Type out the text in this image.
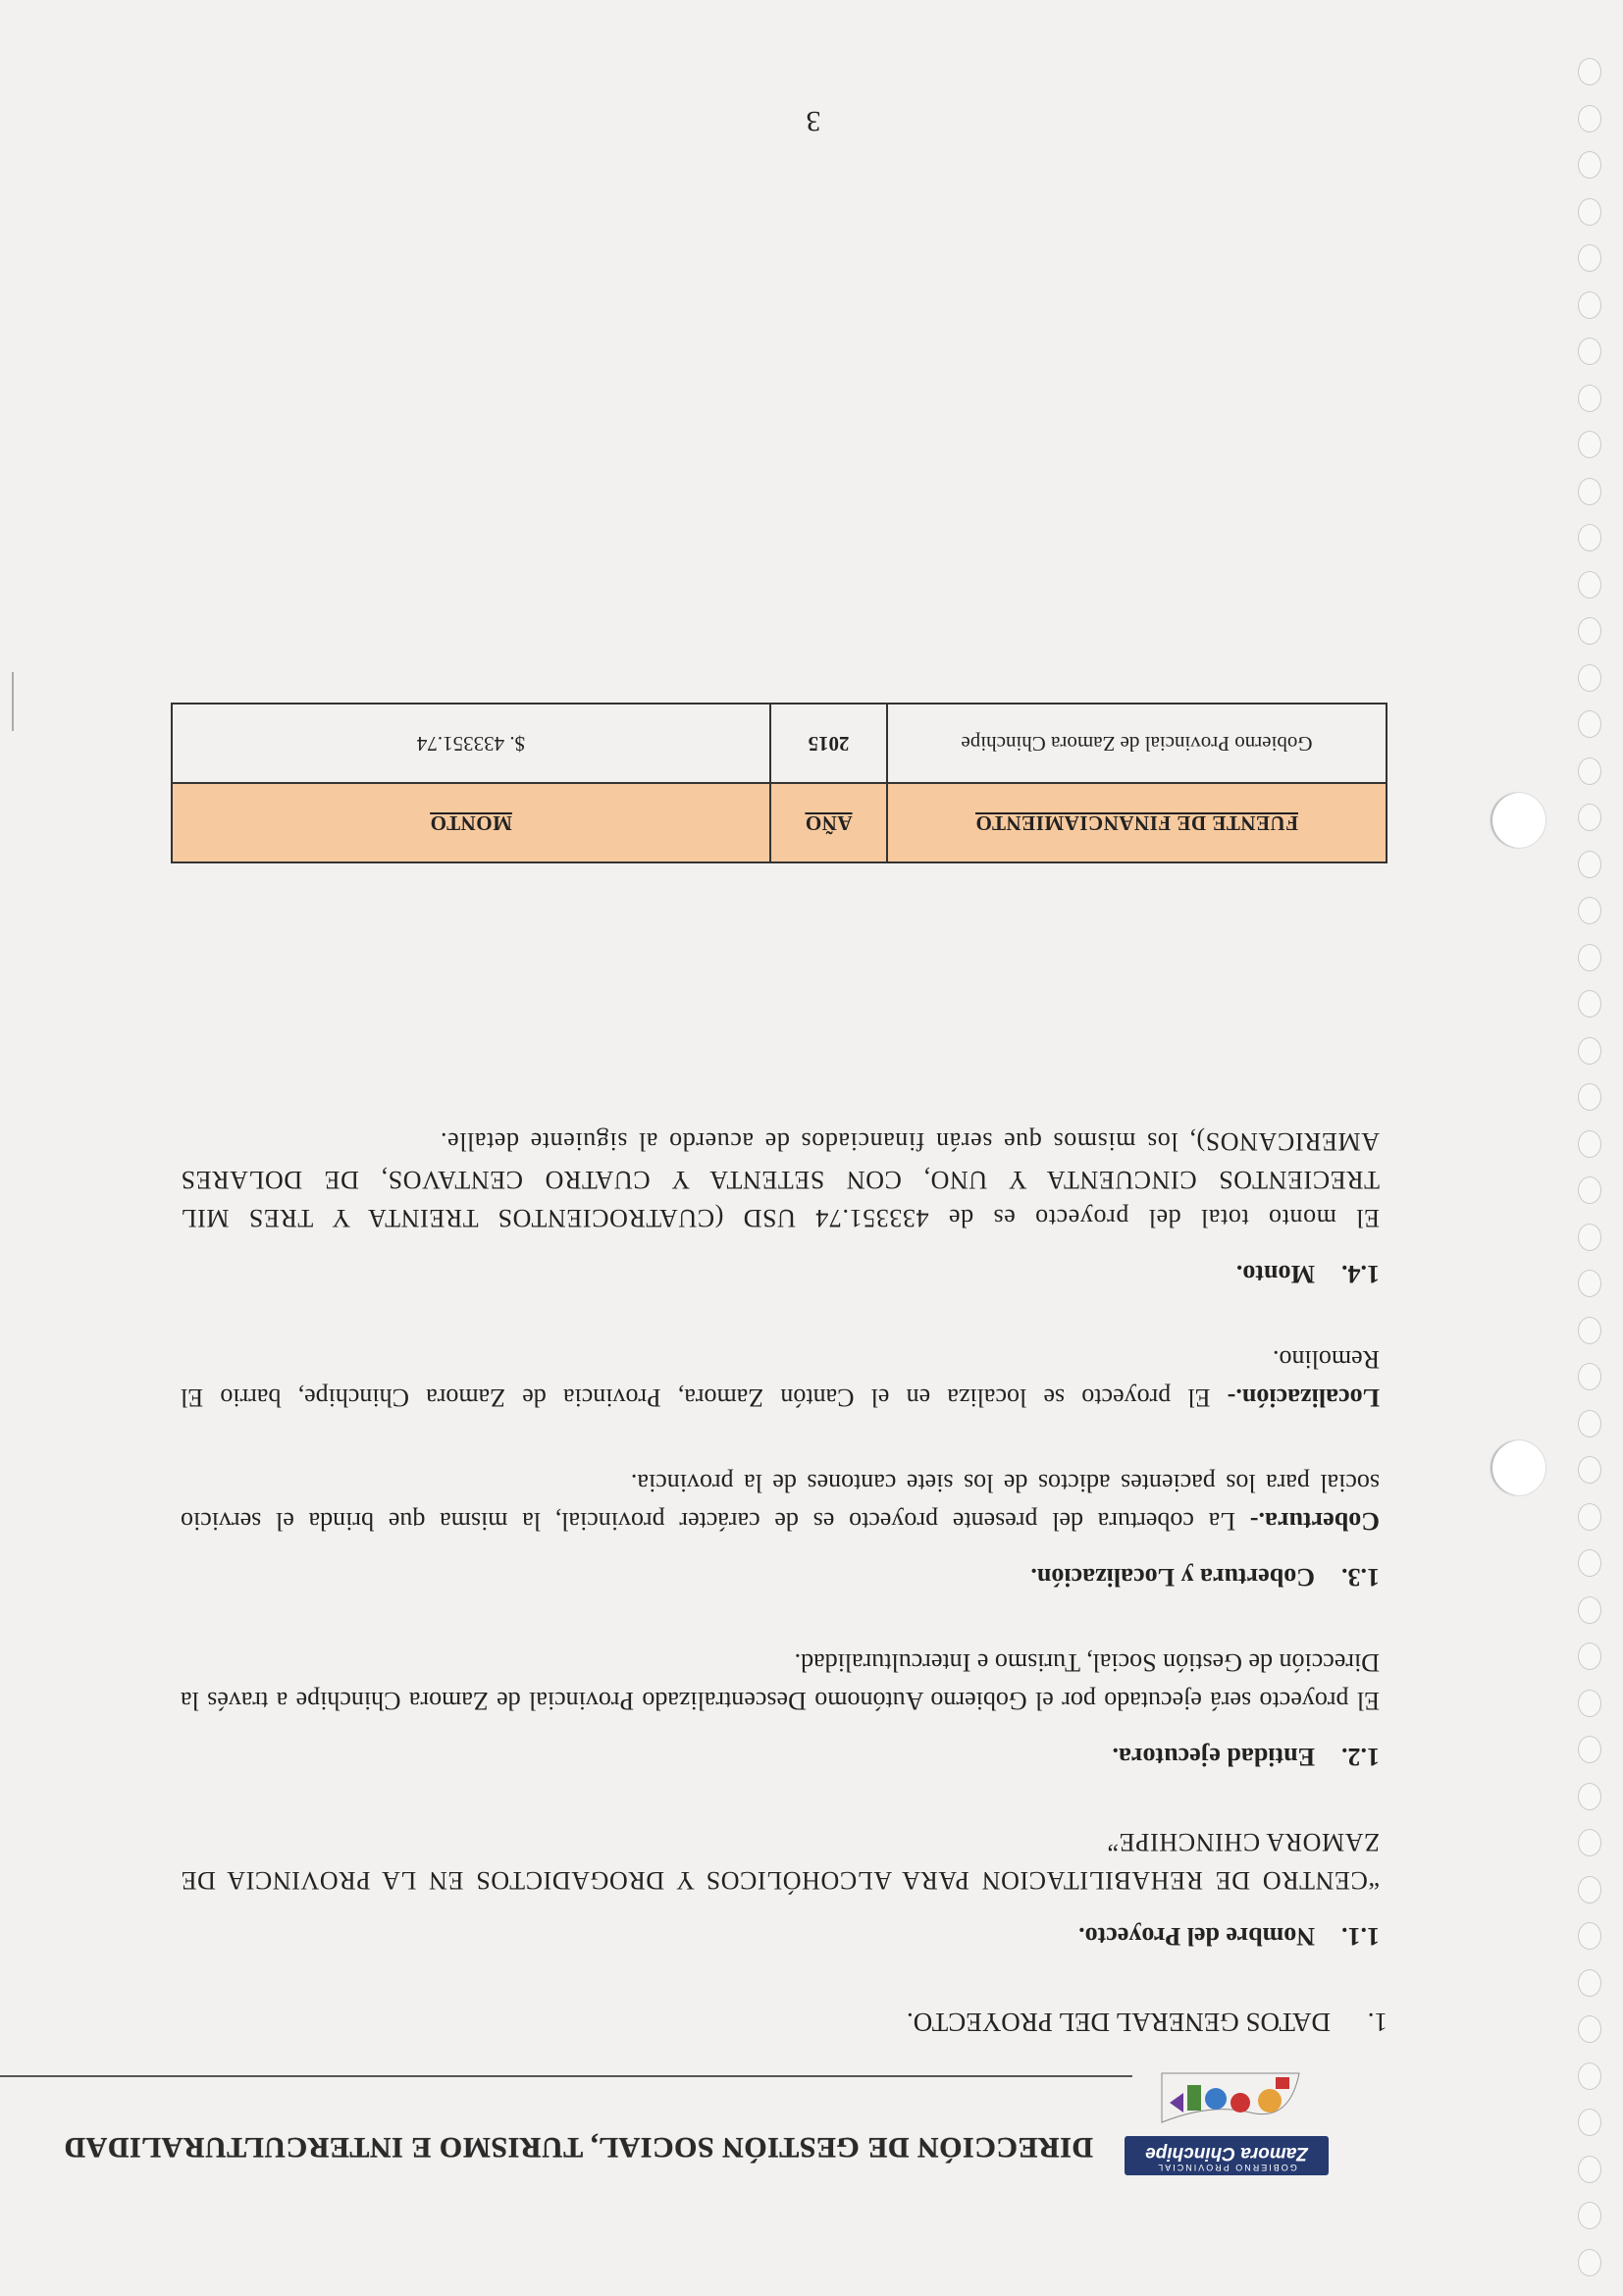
GOBIERNO PROVINCIAL
Zamora Chinchipe
DIRECCIÓN DE GESTIÓN SOCIAL, TURISMO E INTERCULTURALIDAD
1.DATOS GENERAL DEL PROYECTO.
1.1.Nombre del Proyecto.
“CENTRO DE REHABILITACION PARA ALCOHÓLICOS Y DROGADICTOS EN LA PROVINCIA DE ZAMORA CHINCHIPE”
1.2.Entidad ejecutora.
El proyecto será ejecutado por el Gobierno Autónomo Descentralizado Provincial de Zamora Chinchipe a través la Dirección de Gestión Social, Turismo e Interculturalidad.
1.3.Cobertura y Localización.
Cobertura.- La cobertura del presente proyecto es de carácter provincial, la misma que brinda el servicio social para los pacientes adictos de los siete cantones de la provincia.
Localización.- El proyecto se localiza en el Cantón Zamora, Provincia de Zamora Chinchipe, barrio El Remolino.
1.4.Monto.
El monto total del proyecto es de 433351.74 USD (CUATROCIENTOS TREINTA Y TRES MIL TRECIENTOS CINCUENTA Y UNO, CON SETENTA Y CUATRO CENTAVOS, DE DOLARES AMERICANOS), los mismos que serán financiados de acuerdo al siguiente detalle.
FUENTE DE FINANCIAMIENTO	AÑO	MONTO
Gobierno Provincial de Zamora Chinchipe	2015	$. 433351.74
3
